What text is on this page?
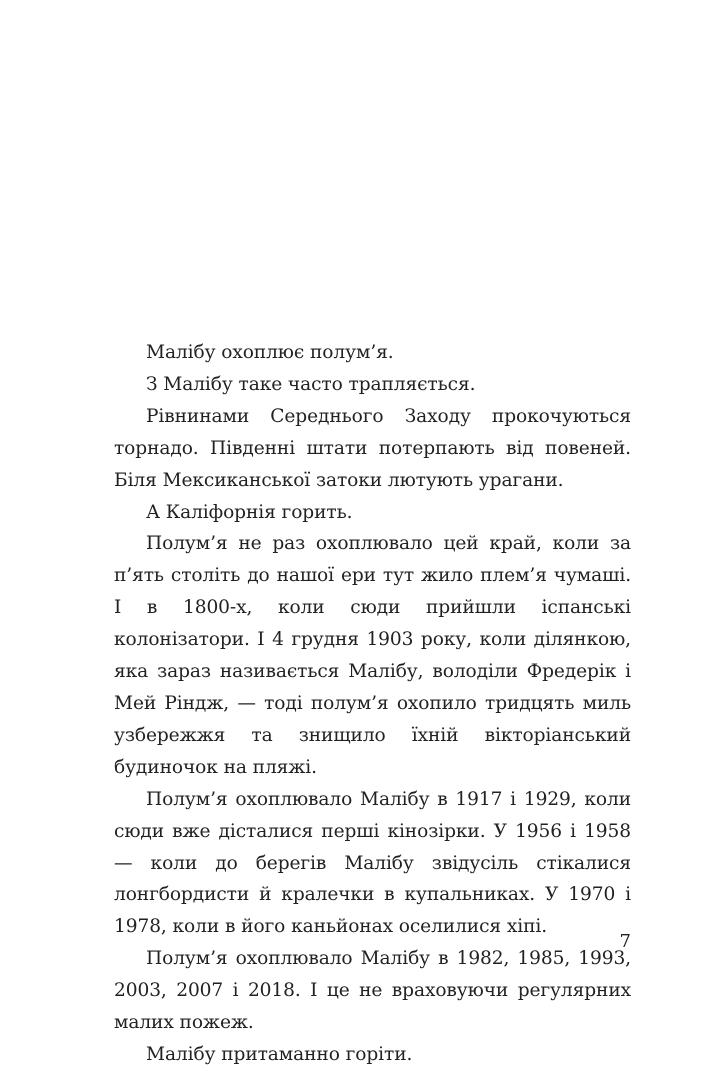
Малібу охоплює полум’я.

З Малібу таке часто трапляється.

Рівнинами Середнього Заходу прокочуються торнадо. Південні штати потерпають від повеней. Біля Мексиканської затоки лютують урагани.

А Каліфорнія горить.

Полум’я не раз охоплювало цей край, коли за п’ять століть до нашої ери тут жило плем’я чумаші. І в 1800-х, коли сюди прийшли іспанські колонізатори. І 4 грудня 1903 року, коли ділянкою, яка зараз називається Малібу, володіли Фредерік і Мей Ріндж, — тоді полум’я охопило тридцять миль узбережжя та знищило їхній вікторіанський будиночок на пляжі.

Полум’я охоплювало Малібу в 1917 і 1929, коли сюди вже дісталися перші кінозірки. У 1956 і 1958 — коли до берегів Малібу звідусіль стікалися лонгбордисти й кралечки в купальниках. У 1970 і 1978, коли в його каньйонах оселилися хіпі.

Полум’я охоплювало Малібу в 1982, 1985, 1993, 2003, 2007 і 2018. І це не враховуючи регулярних малих пожеж.

Малібу притаманно горіти.

7
